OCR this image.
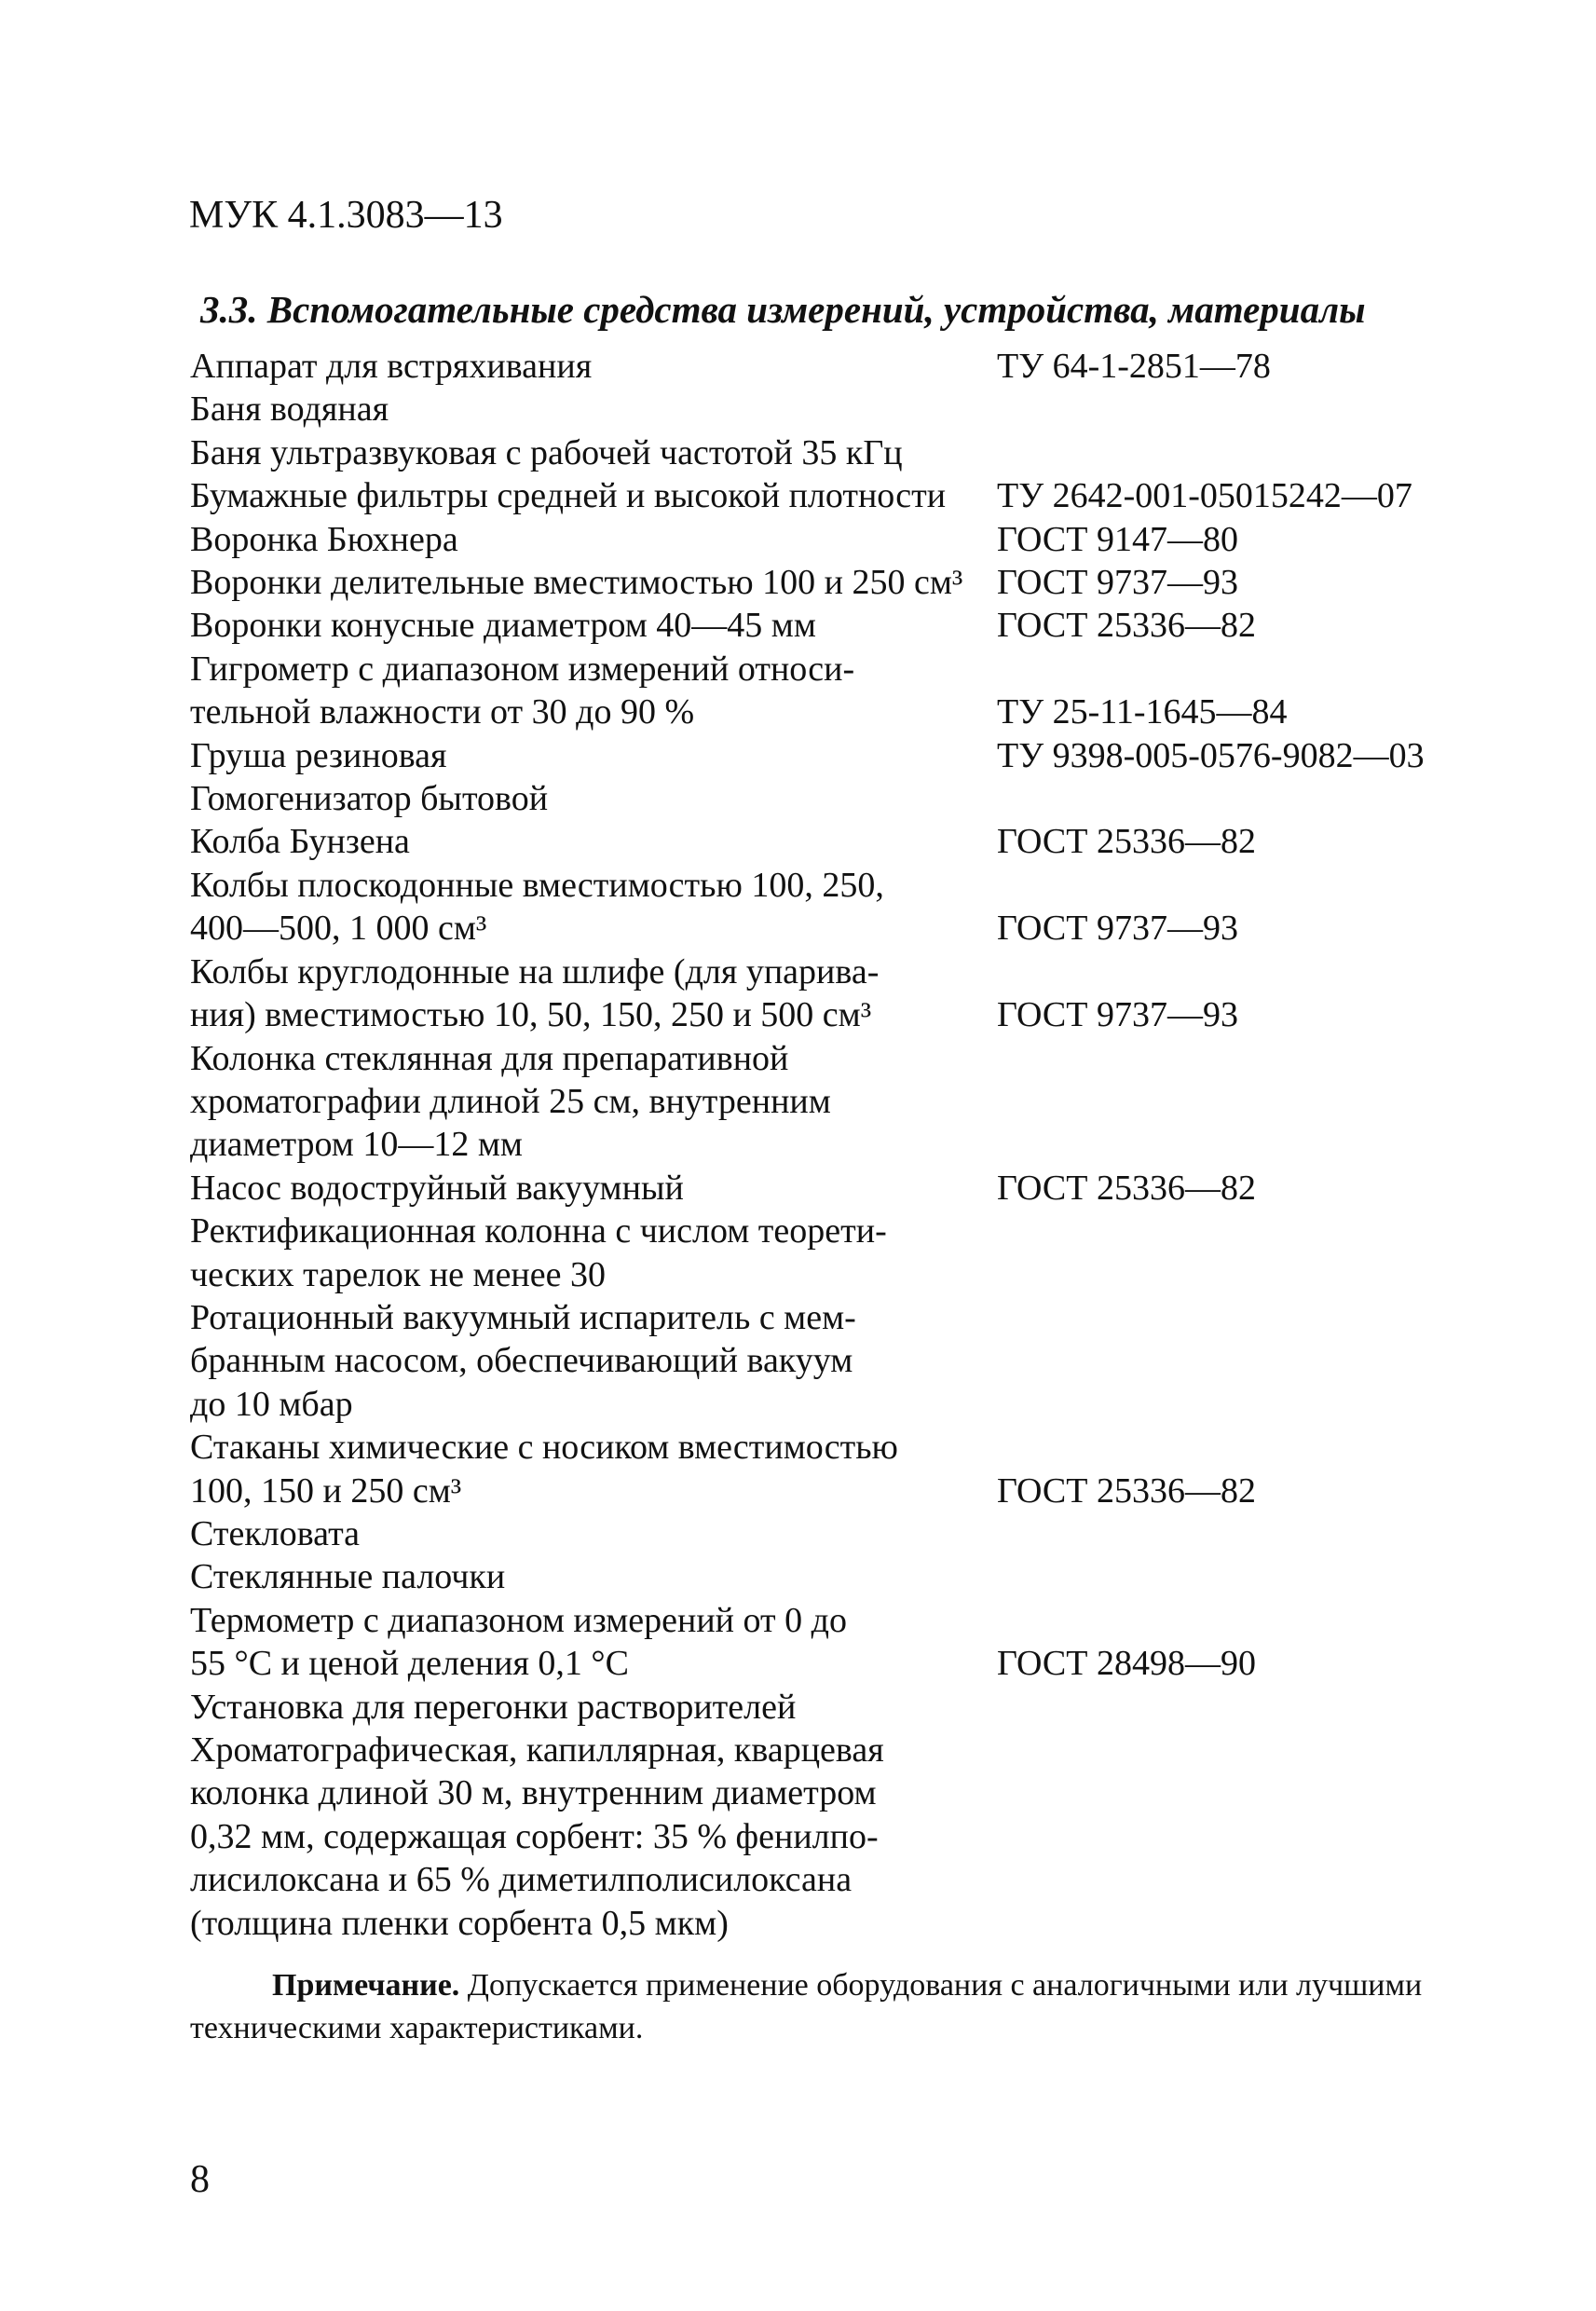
МУК 4.1.3083—13
3.3. Вспомогательные средства измерений, устройства, материалы
Аппарат для встряхивания	ТУ 64-1-2851—78
Баня водяная
Баня ультразвуковая с рабочей частотой 35 кГц
Бумажные фильтры средней и высокой плотности	ТУ 2642-001-05015242—07
Воронка Бюхнера	ГОСТ 9147—80
Воронки делительные вместимостью 100 и 250 см³ ГОСТ 9737—93
Воронки конусные диаметром 40—45 мм	ГОСТ 25336—82
Гигрометр с диапазоном измерений относи-
тельной влажности от 30 до 90 %	ТУ 25-11-1645—84
Груша резиновая	ТУ 9398-005-0576-9082—03
Гомогенизатор бытовой
Колба Бунзена	ГОСТ 25336—82
Колбы плоскодонные вместимостью 100, 250,
400—500, 1 000 см³	ГОСТ 9737—93
Колбы круглодонные на шлифе (для упарива-
ния) вместимостью 10, 50, 150, 250 и 500 см³	ГОСТ 9737—93
Колонка стеклянная для препаративной
хроматографии длиной 25 см, внутренним
диаметром 10—12 мм
Насос водоструйный вакуумный	ГОСТ 25336—82
Ректификационная колонна с числом теорети-
ческих тарелок не менее 30
Ротационный вакуумный испаритель с мем-
бранным насосом, обеспечивающий вакуум
до 10 мбар
Стаканы химические с носиком вместимостью
100, 150 и 250 см³	ГОСТ 25336—82
Стекловата
Стеклянные палочки
Термометр с диапазоном измерений от 0 до
55 °С и ценой деления 0,1 °С	ГОСТ 28498—90
Установка для перегонки растворителей
Хроматографическая, капиллярная, кварцевая
колонка длиной 30 м, внутренним диаметром
0,32 мм, содержащая сорбент: 35 % фенилпо-
лисилоксана и 65 % диметилполисилоксана
(толщина пленки сорбента 0,5 мкм)
Примечание. Допускается применение оборудования с аналогичными или лучшими техническими характеристиками.
8
